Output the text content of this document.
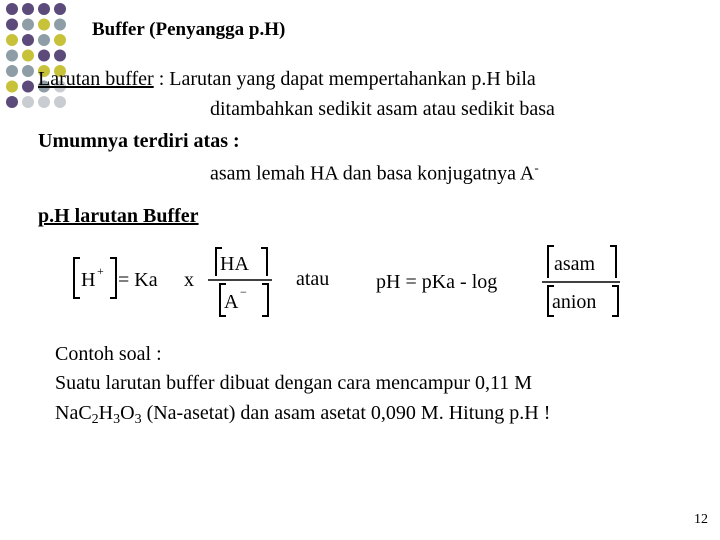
Buffer (Penyangga p.H)
Larutan buffer : Larutan yang dapat mempertahankan p.H bila
ditambahkan sedikit asam atau sedikit basa
Umumnya terdiri atas :
asam lemah HA dan basa konjugatnya A-
p.H larutan Buffer
H + = Ka x
HA
A −	pH = pKa - log
asam
anion
atau
Contoh soal :
Suatu larutan buffer dibuat dengan cara mencampur 0,11 M
$NaC_2H_3O_3$ (Na-asetat) dan asam asetat 0,090 M. Hitung p.H !
12
